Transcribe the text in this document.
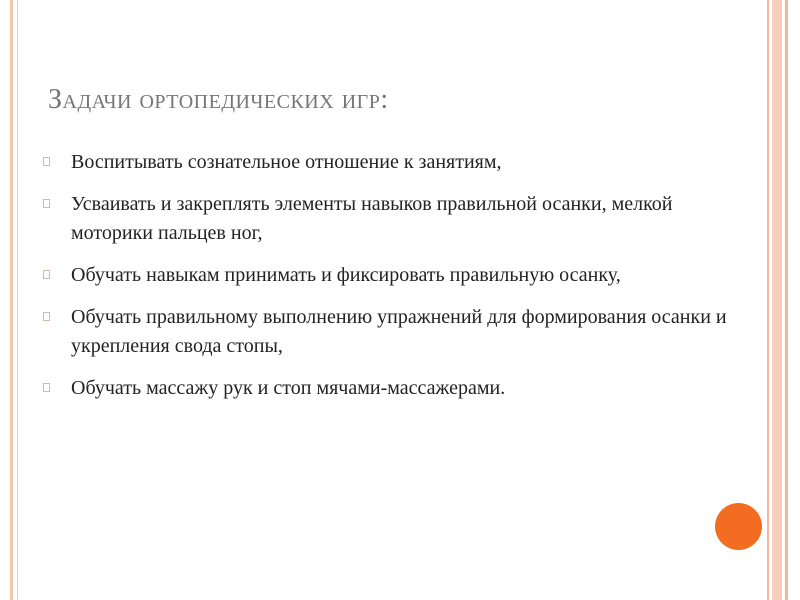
Задачи ортопедических игр:
Воспитывать сознательное отношение к занятиям,
Усваивать и закреплять элементы навыков правильной осанки, мелкой моторики пальцев ног,
Обучать навыкам принимать и фиксировать правильную осанку,
Обучать правильному выполнению упражнений для формирования осанки и укрепления свода стопы,
Обучать массажу рук и стоп мячами-массажерами.
